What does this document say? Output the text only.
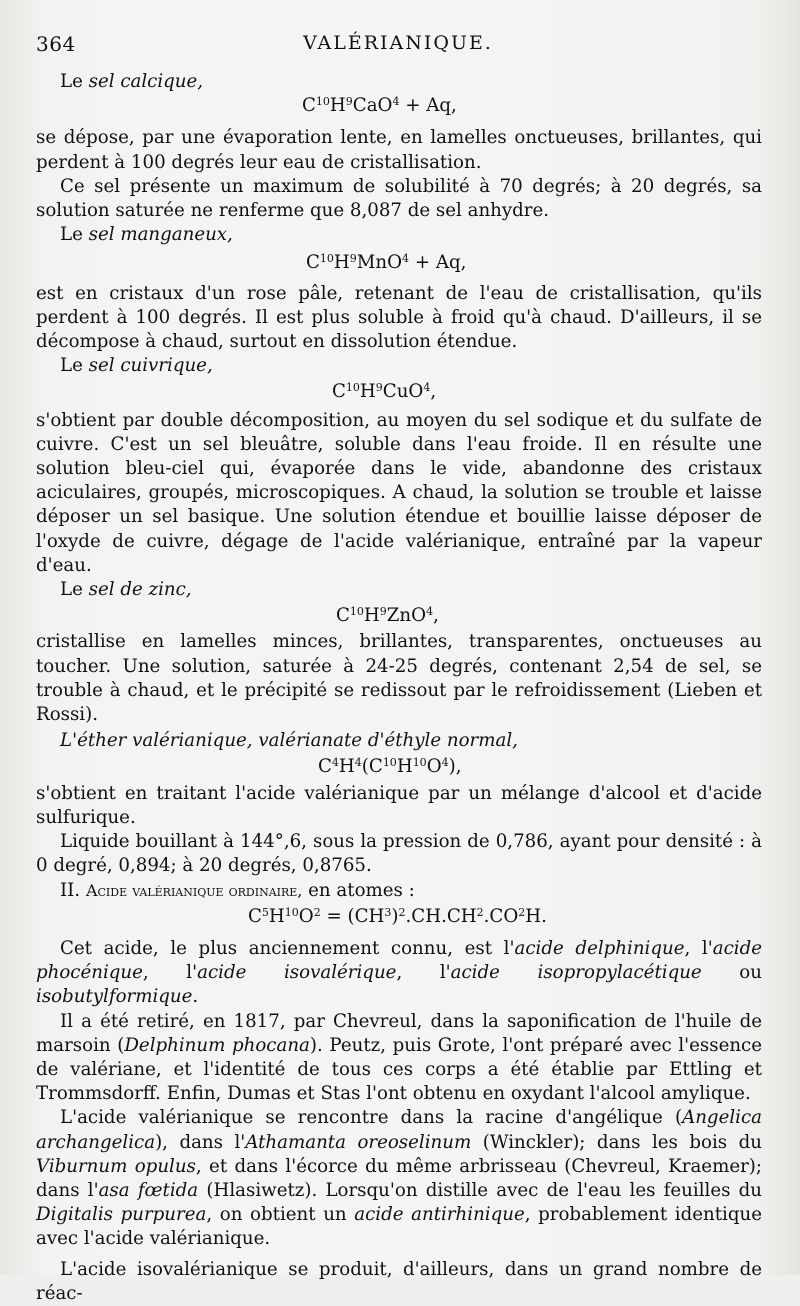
364	VALÉRIANIQUE.

Le sel calcique,

$C^{10}H^9CaO^4 + Aq$,

se dépose, par une évaporation lente, en lamelles onctueuses, brillantes, qui perdent à 100 degrés leur eau de cristallisation.

Ce sel présente un maximum de solubilité à 70 degrés; à 20 degrés, sa solution saturée ne renferme que 8,087 de sel anhydre.

Le sel manganeux,

$C^{10}H^9MnO^4 + Aq$,

est en cristaux d'un rose pâle, retenant de l'eau de cristallisation, qu'ils perdent à 100 degrés. Il est plus soluble à froid qu'à chaud. D'ailleurs, il se décompose à chaud, surtout en dissolution étendue.

Le sel cuivrique,

$C^{10}H^9CuO^4$,

s'obtient par double décomposition, au moyen du sel sodique et du sulfate de cuivre. C'est un sel bleuâtre, soluble dans l'eau froide. Il en résulte une solution bleu-ciel qui, évaporée dans le vide, abandonne des cristaux aciculaires, groupés, microscopiques. A chaud, la solution se trouble et laisse déposer un sel basique. Une solution étendue et bouillie laisse déposer de l'oxyde de cuivre, dégage de l'acide valérianique, entraîné par la vapeur d'eau.

Le sel de zinc,

$C^{10}H^9ZnO^4$,

cristallise en lamelles minces, brillantes, transparentes, onctueuses au toucher. Une solution, saturée à 24-25 degrés, contenant 2,54 de sel, se trouble à chaud, et le précipité se redissout par le refroidissement (Lieben et Rossi).

L'éther valérianique, valérianate d'éthyle normal,

$C^4H^4(C^{10}H^{10}O^4)$,

s'obtient en traitant l'acide valérianique par un mélange d'alcool et d'acide sulfurique.

Liquide bouillant à 144°,6, sous la pression de 0,786, ayant pour densité : à 0 degré, 0,894; à 20 degrés, 0,8765.

II. Acide valérianique ordinaire, en atomes :

$C^5H^{10}O^2 = (CH^3)^2.CH.CH^2.CO^2H$.

Cet acide, le plus anciennement connu, est l'acide delphinique, l'acide phocénique, l'acide isovalérique, l'acide isopropylacétique ou isobutylformique.

Il a été retiré, en 1817, par Chevreul, dans la saponification de l'huile de marsoin (Delphinum phocana). Peutz, puis Grote, l'ont préparé avec l'essence de valériane, et l'identité de tous ces corps a été établie par Ettling et Trommsdorff. Enfin, Dumas et Stas l'ont obtenu en oxydant l'alcool amylique.

L'acide valérianique se rencontre dans la racine d'angélique (Angelica archangelica), dans l'Athamanta oreoselinum (Winckler); dans les bois du Viburnum opulus, et dans l'écorce du même arbrisseau (Chevreul, Kraemer); dans l'asa fœtida (Hlasiwetz). Lorsqu'on distille avec de l'eau les feuilles du Digitalis purpurea, on obtient un acide antirhinique, probablement identique avec l'acide valérianique.

L'acide isovalérianique se produit, d'ailleurs, dans un grand nombre de réac-
